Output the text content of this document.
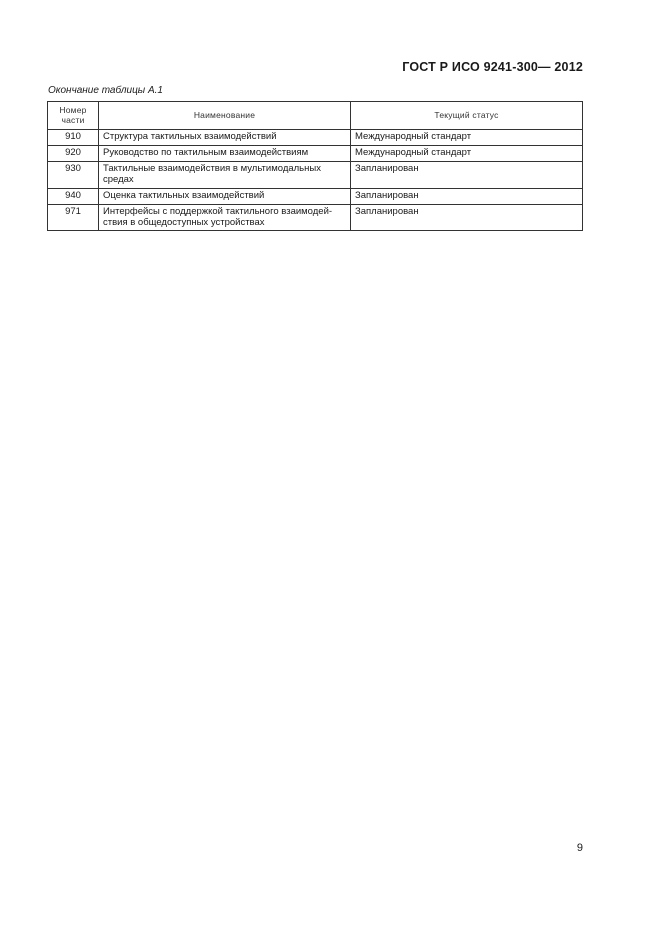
ГОСТ Р ИСО 9241-300— 2012
Окончание таблицы А.1
Номер части	Наименование	Текущий статус
910	Структура тактильных взаимодействий	Международный стандарт
920	Руководство по тактильным взаимодействиям	Международный стандарт
930	Тактильные взаимодействия в мультимодальных средах	Запланирован
940	Оценка тактильных взаимодействий	Запланирован
971	Интерфейсы с поддержкой тактильного взаимодей-ствия в общедоступных устройствах	Запланирован
9
